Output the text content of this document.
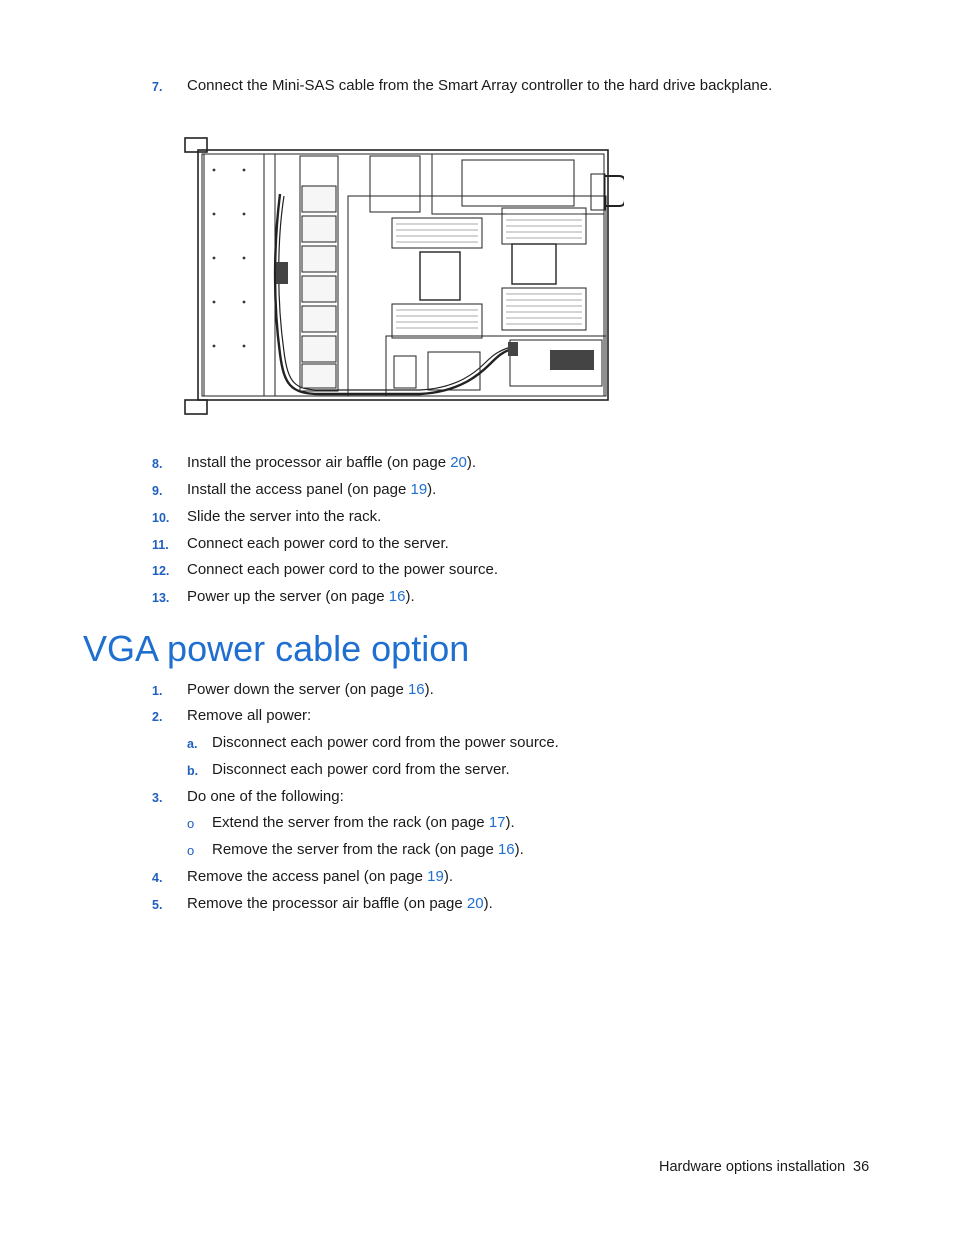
7. Connect the Mini-SAS cable from the Smart Array controller to the hard drive backplane.
8. Install the processor air baffle (on page 20).
9. Install the access panel (on page 19).
10. Slide the server into the rack.
11. Connect each power cord to the server.
12. Connect each power cord to the power source.
13. Power up the server (on page 16).
VGA power cable option
1. Power down the server (on page 16).
2. Remove all power:
a. Disconnect each power cord from the power source.
b. Disconnect each power cord from the server.
3. Do one of the following:
o Extend the server from the rack (on page 17).
o Remove the server from the rack (on page 16).
4. Remove the access panel (on page 19).
5. Remove the processor air baffle (on page 20).
Hardware options installation 36
